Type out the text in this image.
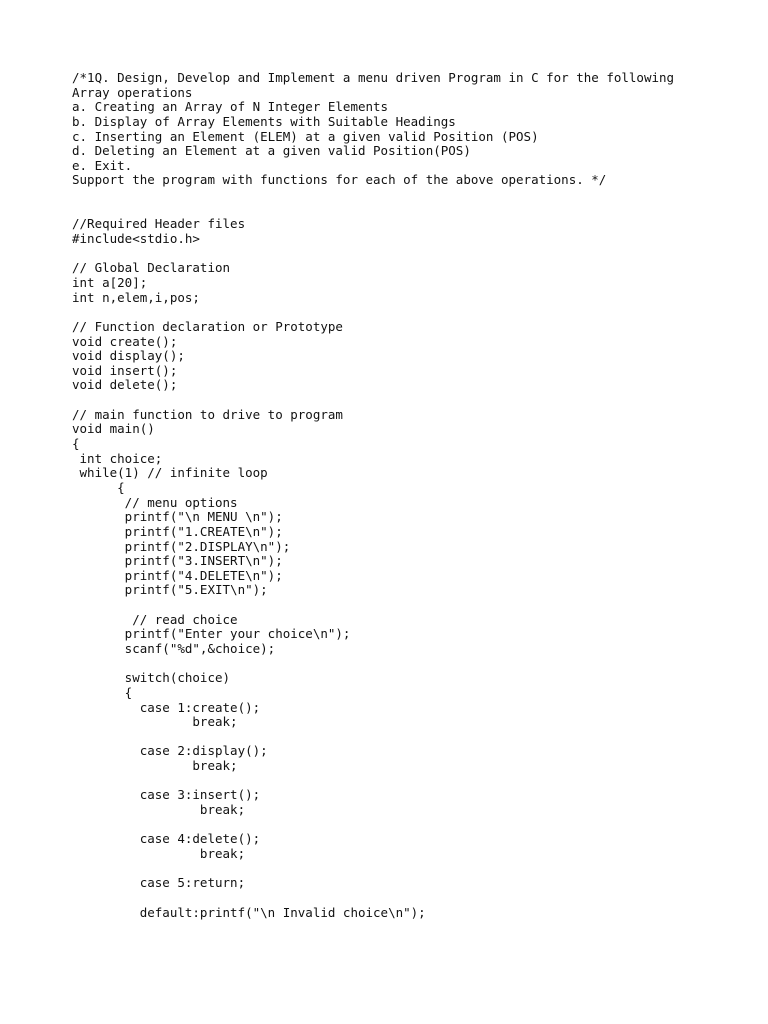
/*1Q. Design, Develop and Implement a menu driven Program in C for the following
Array operations
a. Creating an Array of N Integer Elements
b. Display of Array Elements with Suitable Headings
c. Inserting an Element (ELEM) at a given valid Position (POS)
d. Deleting an Element at a given valid Position(POS)
e. Exit.
Support the program with functions for each of the above operations. */
//Required Header files
#include<stdio.h>
// Global Declaration
int a[20];
int n,elem,i,pos;
// Function declaration or Prototype
void create();
void display();
void insert();
void delete();
// main function to drive to program
void main()
{
int choice;
while(1) // infinite loop
{
// menu options
printf("\n MENU \n");
printf("1.CREATE\n");
printf("2.DISPLAY\n");
printf("3.INSERT\n");
printf("4.DELETE\n");
printf("5.EXIT\n");
// read choice
printf("Enter your choice\n");
scanf("%d",&choice);
switch(choice)
{
case 1:create();
break;
case 2:display();
break;
case 3:insert();
break;
case 4:delete();
break;
case 5:return;
default:printf("\n Invalid choice\n");
